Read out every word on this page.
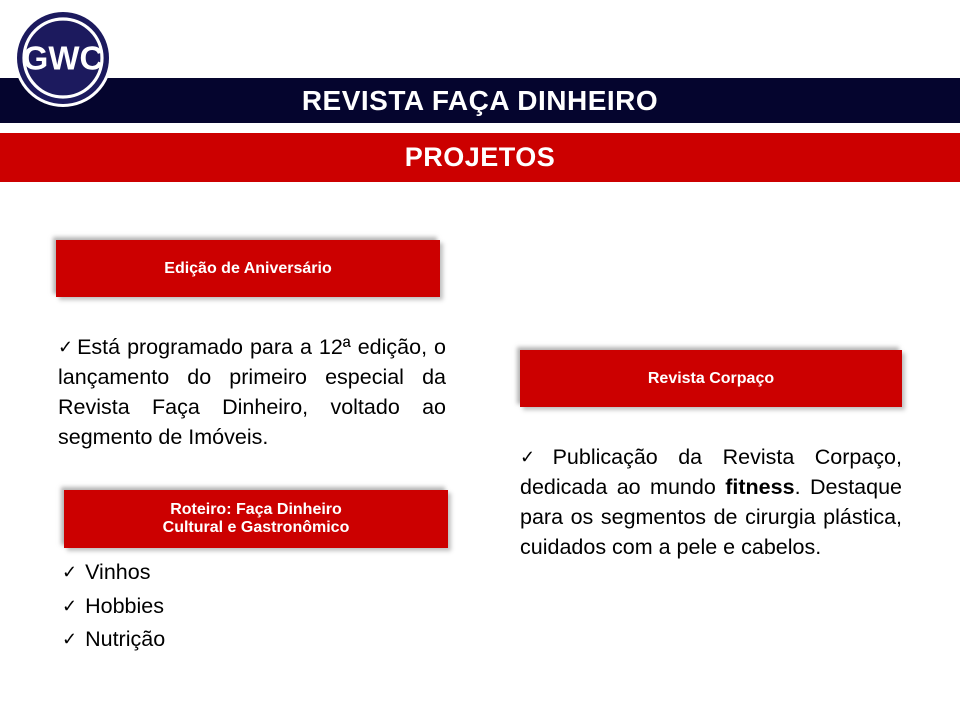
REVISTA FAÇA DINHEIRO
PROJETOS
GWC
Edição de Aniversário
✓ Está programado para a 12ª edição, o lançamento do primeiro especial da Revista Faça Dinheiro, voltado ao segmento de Imóveis.
Roteiro: Faça Dinheiro
Cultural e Gastronômico
✓ Vinhos
✓ Hobbies
✓ Nutrição
Revista Corpaço
✓ Publicação da Revista Corpaço, dedicada ao mundo fitness. Destaque para os segmentos de cirurgia plástica, cuidados com a pele e cabelos.
